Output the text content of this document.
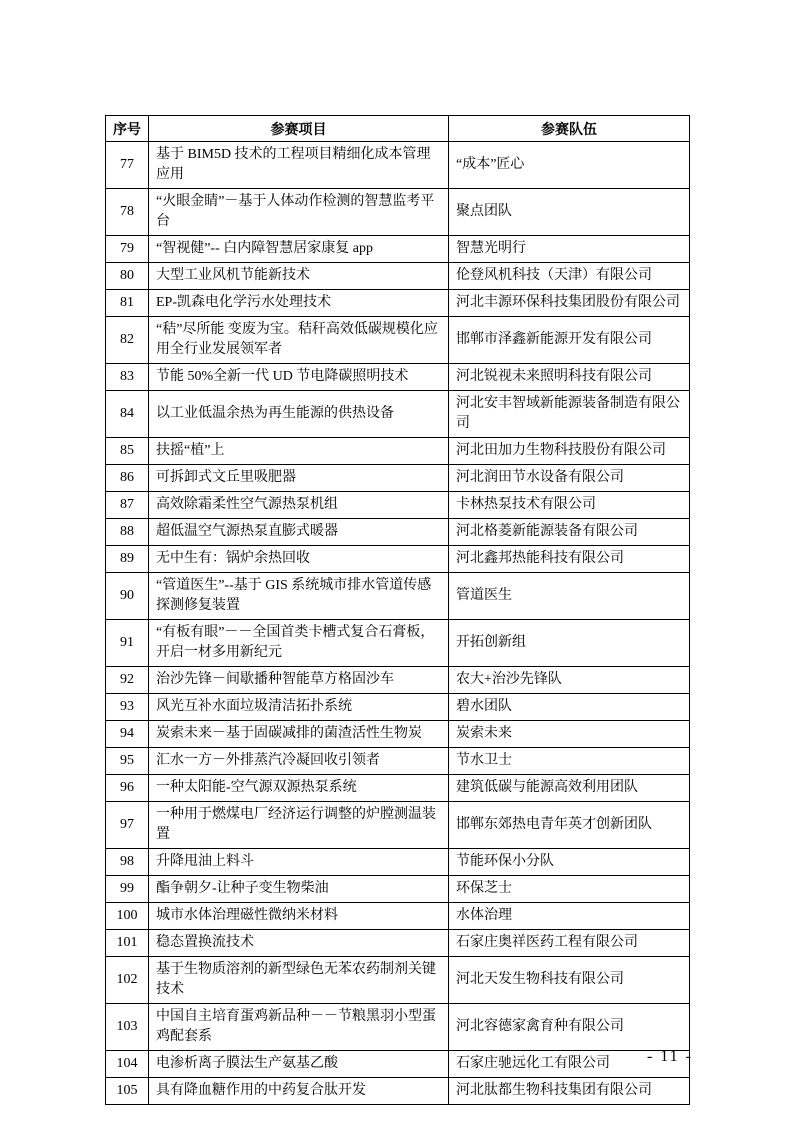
序号	参赛项目	参赛队伍
77	基于 BIM5D 技术的工程项目精细化成本管理应用	“成本”匠心
78	“火眼金睛”－基于人体动作检测的智慧监考平台	聚点团队
79	“智视健”-- 白内障智慧居家康复 app	智慧光明行
80	大型工业风机节能新技术	伦登风机科技（天津）有限公司
81	EP-凯森电化学污水处理技术	河北丰源环保科技集团股份有限公司
82	“秸”尽所能 变废为宝。秸秆高效低碳规模化应用全行业发展领军者	邯郸市泽鑫新能源开发有限公司
83	节能 50%全新一代 UD 节电降碳照明技术	河北锐视未来照明科技有限公司
84	以工业低温余热为再生能源的供热设备	河北安丰智域新能源装备制造有限公司
85	扶摇“植”上	河北田加力生物科技股份有限公司
86	可拆卸式文丘里吸肥器	河北润田节水设备有限公司
87	高效除霜柔性空气源热泵机组	卡林热泵技术有限公司
88	超低温空气源热泵直膨式暖器	河北格菱新能源装备有限公司
89	无中生有：锅炉余热回收	河北鑫邦热能科技有限公司
90	“管道医生”--基于 GIS 系统城市排水管道传感探测修复装置	管道医生
91	“有板有眼”－－全国首类卡槽式复合石膏板，开启一材多用新纪元	开拓创新组
92	治沙先锋－间歇播种智能草方格固沙车	农大+治沙先锋队
93	风光互补水面垃圾清洁拓扑系统	碧水团队
94	炭索未来－基于固碳减排的菌渣活性生物炭	炭索未来
95	汇水一方－外排蒸汽冷凝回收引领者	节水卫士
96	一种太阳能-空气源双源热泵系统	建筑低碳与能源高效利用团队
97	一种用于燃煤电厂经济运行调整的炉膛测温装置	邯郸东郊热电青年英才创新团队
98	升降甩油上料斗	节能环保小分队
99	酯争朝夕-让种子变生物柴油	环保芝士
100	城市水体治理磁性微纳米材料	水体治理
101	稳态置换流技术	石家庄奥祥医药工程有限公司
102	基于生物质溶剂的新型绿色无苯农药制剂关键技术	河北天发生物科技有限公司
103	中国自主培育蛋鸡新品种－－节粮黑羽小型蛋鸡配套系	河北容德家禽育种有限公司
104	电渗析离子膜法生产氨基乙酸	石家庄驰远化工有限公司
105	具有降血糖作用的中药复合肽开发	河北肽都生物科技集团有限公司
- 11 -
